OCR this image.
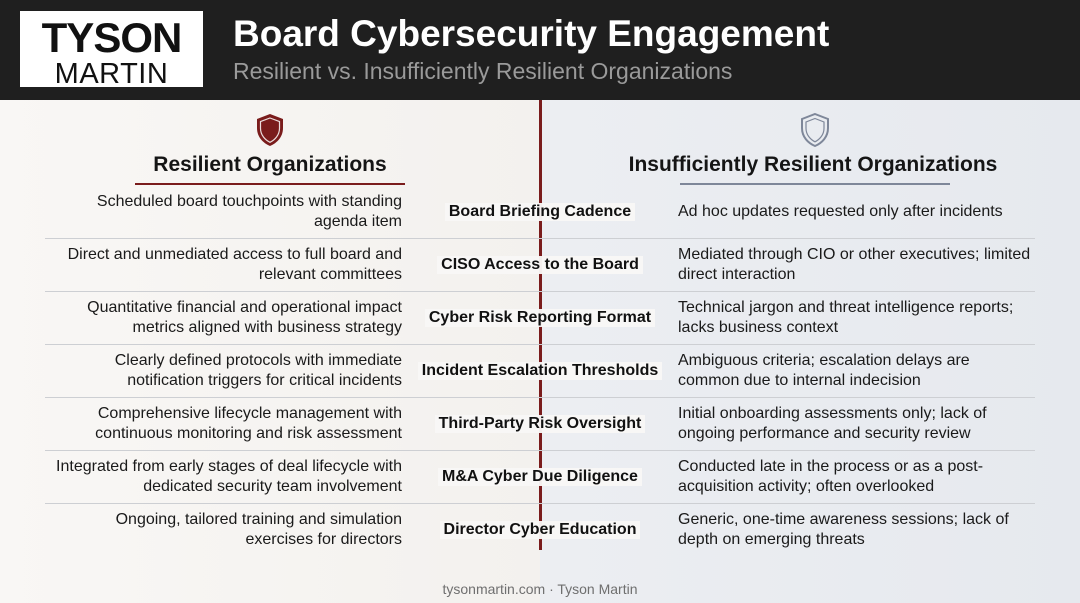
TYSON
MARTIN
Board Cybersecurity Engagement
Resilient vs. Insufficiently Resilient Organizations
Resilient Organizations	Insufficiently Resilient Organizations
Scheduled board touchpoints with standing agenda item
Board Briefing Cadence	Ad hoc updates requested only after incidents
Direct and unmediated access to full board and relevant committees
CISO Access to the Board
Mediated through CIO or other executives; limited direct interaction
Quantitative financial and operational impact metrics aligned with business strategy
Cyber Risk Reporting Format
Technical jargon and threat intelligence reports; lacks business context
Clearly defined protocols with immediate notification triggers for critical incidents
Incident Escalation Thresholds
Ambiguous criteria; escalation delays are common due to internal indecision
Comprehensive lifecycle management with continuous monitoring and risk assessment
Third-Party Risk Oversight
Initial onboarding assessments only; lack of ongoing performance and security review
Integrated from early stages of deal lifecycle with dedicated security team involvement
M&A Cyber Due Diligence
Conducted late in the process or as a post-acquisition activity; often overlooked
Ongoing, tailored training and simulation exercises for directors
Director Cyber Education
Generic, one-time awareness sessions; lack of depth on emerging threats
tysonmartin.com · Tyson Martin
